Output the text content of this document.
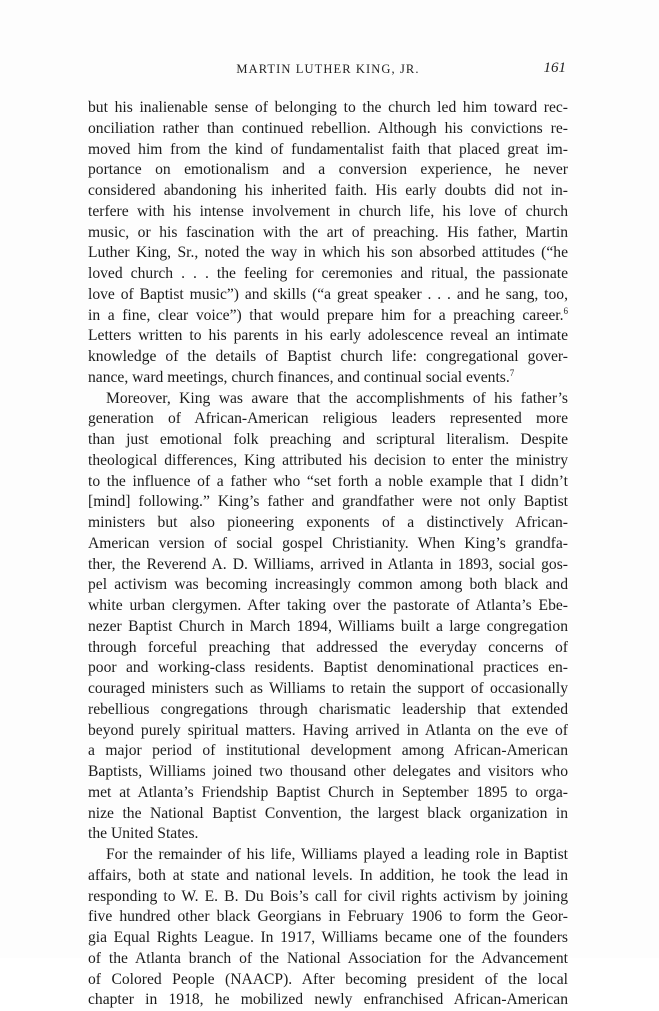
MARTIN LUTHER KING, JR.	161
but his inalienable sense of belonging to the church led him toward rec-
onciliation rather than continued rebellion. Although his convictions re-
moved him from the kind of fundamentalist faith that placed great im-
portance on emotionalism and a conversion experience, he never
considered abandoning his inherited faith. His early doubts did not in-
terfere with his intense involvement in church life, his love of church
music, or his fascination with the art of preaching. His father, Martin
Luther King, Sr., noted the way in which his son absorbed attitudes (“he
loved church . . . the feeling for ceremonies and ritual, the passionate
love of Baptist music”) and skills (“a great speaker . . . and he sang, too,
in a fine, clear voice”) that would prepare him for a preaching career.$^6$
Letters written to his parents in his early adolescence reveal an intimate
knowledge of the details of Baptist church life: congregational gover-
nance, ward meetings, church finances, and continual social events.$^7$
Moreover, King was aware that the accomplishments of his father’s
generation of African-American religious leaders represented more
than just emotional folk preaching and scriptural literalism. Despite
theological differences, King attributed his decision to enter the ministry
to the influence of a father who “set forth a noble example that I didn’t
[mind] following.” King’s father and grandfather were not only Baptist
ministers but also pioneering exponents of a distinctively African-
American version of social gospel Christianity. When King’s grandfa-
ther, the Reverend A. D. Williams, arrived in Atlanta in 1893, social gos-
pel activism was becoming increasingly common among both black and
white urban clergymen. After taking over the pastorate of Atlanta’s Ebe-
nezer Baptist Church in March 1894, Williams built a large congregation
through forceful preaching that addressed the everyday concerns of
poor and working-class residents. Baptist denominational practices en-
couraged ministers such as Williams to retain the support of occasionally
rebellious congregations through charismatic leadership that extended
beyond purely spiritual matters. Having arrived in Atlanta on the eve of
a major period of institutional development among African-American
Baptists, Williams joined two thousand other delegates and visitors who
met at Atlanta’s Friendship Baptist Church in September 1895 to orga-
nize the National Baptist Convention, the largest black organization in
the United States.
For the remainder of his life, Williams played a leading role in Baptist
affairs, both at state and national levels. In addition, he took the lead in
responding to W. E. B. Du Bois’s call for civil rights activism by joining
five hundred other black Georgians in February 1906 to form the Geor-
gia Equal Rights League. In 1917, Williams became one of the founders
of the Atlanta branch of the National Association for the Advancement
of Colored People (NAACP). After becoming president of the local
chapter in 1918, he mobilized newly enfranchised African-American
